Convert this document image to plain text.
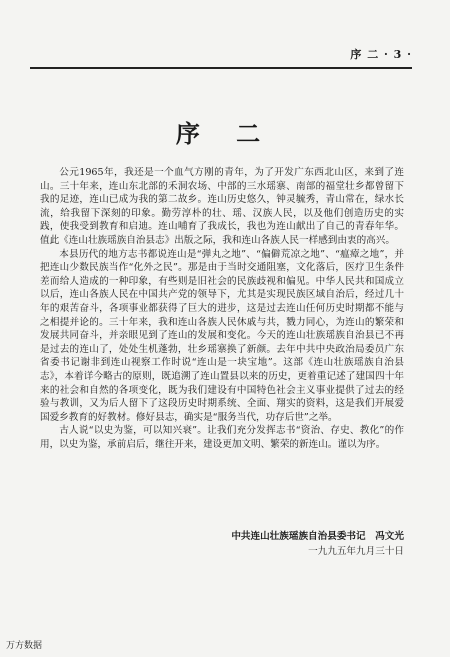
序 二 · 3 ·
序 二

公元1965年，我还是一个血气方刚的青年，为了开发广东西北山区，来到了连山。三十年来，连山东北部的禾洞农场、中部的三水瑶寨、南部的福堂壮乡都曾留下我的足迹，连山已成为我的第二故乡。连山历史悠久，钟灵毓秀，青山常在，绿水长流，给我留下深刻的印象。勤劳淳朴的壮、瑶、汉族人民，以及他们创造历史的实践，使我受到教育和启迪。连山哺育了我成长，我也为连山献出了自己的青春年华。值此《连山壮族瑶族自治县志》出版之际，我和连山各族人民一样感到由衷的高兴。

本县历代的地方志书都说连山是“弹丸之地”、“偏僻荒凉之地”、“瘟瘴之地”，并把连山少数民族当作“化外之民”。那是由于当时交通阻塞，文化落后，医疗卫生条件差而给人造成的一种印象，有些则是旧社会的民族歧视和偏见。中华人民共和国成立以后，连山各族人民在中国共产党的领导下，尤其是实现民族区域自治后，经过几十年的艰苦奋斗，各项事业都获得了巨大的进步，这是过去连山任何历史时期都不能与之相提并论的。三十年来，我和连山各族人民休戚与共，戮力同心，为连山的繁荣和发展共同奋斗，并亲眼见到了连山的发展和变化。今天的连山壮族瑶族自治县已不再是过去的连山了，处处生机蓬勃，壮乡瑶寨换了新颜。去年中共中央政治局委员广东省委书记谢非到连山视察工作时说“连山是一块宝地”。这部《连山壮族瑶族自治县志》，本着详今略古的原则，既追溯了连山置县以来的历史，更着重记述了建国四十年来的社会和自然的各项变化，既为我们建设有中国特色社会主义事业提供了过去的经验与教训，又为后人留下了这段历史时期系统、全面、翔实的资料，这是我们开展爱国爱乡教育的好教材。修好县志，确实是“服务当代，功存后世”之举。

古人说“以史为鉴，可以知兴衰”。让我们充分发挥志书“资治、存史、教化”的作用，以史为鉴，承前启后，继往开来，建设更加文明、繁荣的新连山。谨以为序。

中共连山壮族瑶族自治县委书记　冯文光
一九九五年九月三十日
万方数据
